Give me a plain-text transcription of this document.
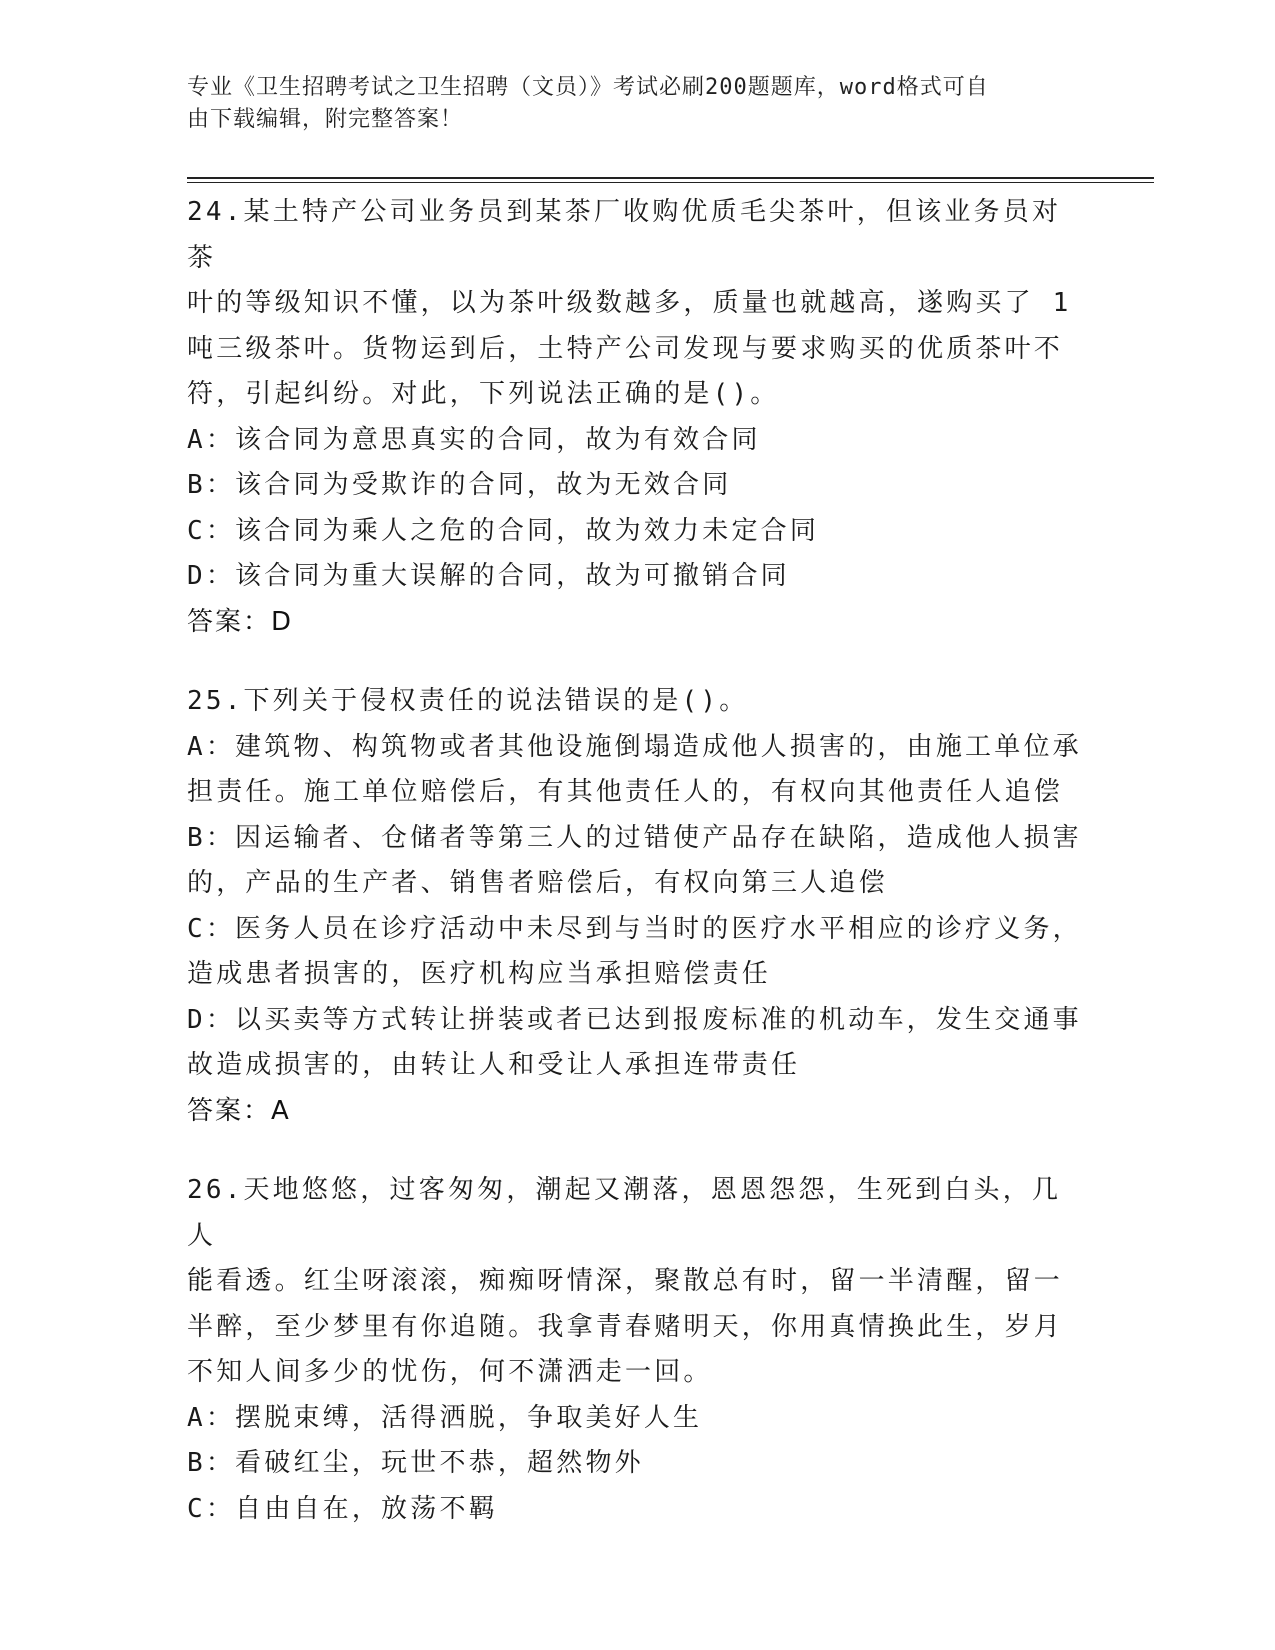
专业《卫生招聘考试之卫生招聘（文员）》考试必刷200题题库，word格式可自
由下载编辑，附完整答案！
24.某土特产公司业务员到某茶厂收购优质毛尖茶叶，但该业务员对茶
叶的等级知识不懂，以为茶叶级数越多，质量也就越高，遂购买了 1
吨三级茶叶。货物运到后，土特产公司发现与要求购买的优质茶叶不
符，引起纠纷。对此，下列说法正确的是()。
A：该合同为意思真实的合同，故为有效合同
B：该合同为受欺诈的合同，故为无效合同
C：该合同为乘人之危的合同，故为效力未定合同
D：该合同为重大误解的合同，故为可撤销合同
答案：D
25.下列关于侵权责任的说法错误的是()。
A：建筑物、构筑物或者其他设施倒塌造成他人损害的，由施工单位承
担责任。施工单位赔偿后，有其他责任人的，有权向其他责任人追偿
B：因运输者、仓储者等第三人的过错使产品存在缺陷，造成他人损害
的，产品的生产者、销售者赔偿后，有权向第三人追偿
C：医务人员在诊疗活动中未尽到与当时的医疗水平相应的诊疗义务，
造成患者损害的，医疗机构应当承担赔偿责任
D：以买卖等方式转让拼装或者已达到报废标准的机动车，发生交通事
故造成损害的，由转让人和受让人承担连带责任
答案：A
26.天地悠悠，过客匆匆，潮起又潮落，恩恩怨怨，生死到白头，几人
能看透。红尘呀滚滚，痴痴呀情深，聚散总有时，留一半清醒，留一
半醉，至少梦里有你追随。我拿青春赌明天，你用真情换此生，岁月
不知人间多少的忧伤，何不潇洒走一回。
A：摆脱束缚，活得洒脱，争取美好人生
B：看破红尘，玩世不恭，超然物外
C：自由自在，放荡不羁
